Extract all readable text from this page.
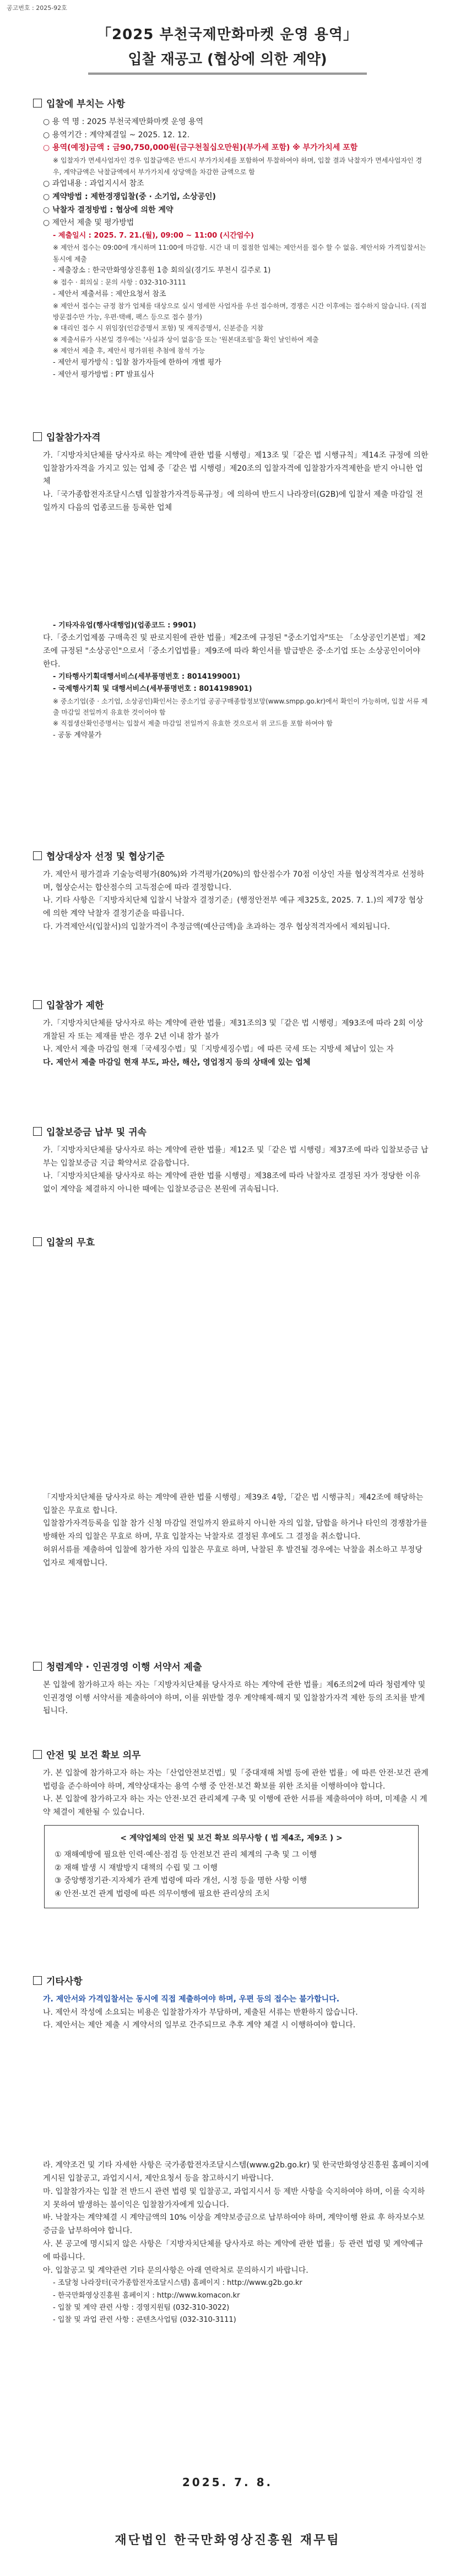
공고번호 : 2025-92호
「2025 부천국제만화마켓 운영 용역」
입찰 재공고 (협상에 의한 계약)
입찰에 부치는 사항
○ 용 역 명 : 2025 부천국제만화마켓 운영 용역
○ 용역기간 : 계약체결일 ~ 2025. 12. 12.
○ 용역(예정)금액 : 금90,750,000원(금구천칠십오만원)(부가세 포함) ※ 부가가치세 포함
※ 입찰자가 면세사업자인 경우 입찰금액은 반드시 부가가치세를 포함하여 투찰하여야 하며, 입찰 결과 낙찰자가 면세사업자인 경우, 계약금액은 낙찰금액에서 부가가치세 상당액을 차감한 금액으로 함
○ 과업내용 : 과업지시서 참조
○ 계약방법 : 제한경쟁입찰(중 · 소기업, 소상공인)
○ 낙찰자 결정방법 : 협상에 의한 계약
○ 제안서 제출 및 평가방법
- 제출일시 : 2025. 7. 21.(월), 09:00 ~ 11:00 (시간엄수)
※ 제안서 접수는 09:00에 개시하며 11:00에 마감함. 시간 내 미 접점한 업체는 제안서를 접수 할 수 없음. 제안서와 가격입찰서는 동시에 제출
- 제출장소 : 한국만화영상진흥원 1층 회의실(경기도 부천시 길주로 1)
※ 접수 · 회의실 : 문의 사항 : 032-310-3111
- 제안서 제출서류 : 제안요청서 참조
※ 제안서 접수는 규정 참가 업체를 대상으로 실시 영세한 사업자를 우선 접수하며, 경쟁은 시간 이후에는 접수하지 않습니다. (직접 방문접수만 가능, 우편·택배, 팩스 등으로 접수 불가)
※ 대리인 접수 시 위임장(인감증명서 포함) 및 재직증명서, 신분증을 지참
※ 제출서류가 사본일 경우에는 '사실과 상이 없음'을 또는 '원본대조필'을 확인 날인하여 제출
※ 제안서 제출 후, 제안서 평가위원 추첨에 참석 가능
- 제안서 평가방식 : 입찰 참가자들에 한하여 개별 평가
- 제안서 평가방법 : PT 발표심사
입찰참가자격
가.「지방자치단체를 당사자로 하는 계약에 관한 법률 시행령」제13조 및「같은 법 시행규칙」제14조 규정에 의한 입찰참가자격을 가지고 있는 업체 중「같은 법 시행령」제20조의 입찰자격에 입찰참가자격제한을 받지 아니한 업체
나.「국가종합전자조달시스템 입찰참가자격등록규정」에 의하여 반드시 나라장터(G2B)에 입찰서 제출 마감일 전일까지 다음의 업종코드를 등록한 업체
- 기타자유업(행사대행업)(업종코드 : 9901)
다.「중소기업제품 구매촉진 및 판로지원에 관한 법률」제2조에 규정된 "중소기업자"또는 「소상공인기본법」제2조에 규정된 "소상공인"으로서「중소기업법률」제9조에 따라 확인서를 발급받은 중·소기업 또는 소상공인이어야 한다.
- 기타행사기획대행서비스(세부품명번호 : 8014199001)
- 국제행사기획 및 대행서비스(세부품명번호 : 8014198901)
※ 중소기업(중 · 소기업, 소상공인)확인서는 중소기업 공공구매종합정보망(www.smpp.go.kr)에서 확인이 가능하며, 입찰 서류 제출 마감일 전일까지 유효한 것이어야 함
※ 직접생산확인증명서는 입찰서 제출 마감일 전일까지 유효한 것으로서 위 코드를 포함 하여야 함
- 공동 계약불가
협상대상자 선정 및 협상기준
가. 제안서 평가결과 기술능력평가(80%)와 가격평가(20%)의 합산점수가 70점 이상인 자를 협상적격자로 선정하며, 협상순서는 합산점수의 고득점순에 따라 결정합니다.
나. 기타 사항은「지방자치단체 입찰시 낙찰자 결정기준」(행정안전부 예규 제325호, 2025. 7. 1.)의 제7장 협상에 의한 계약 낙찰자 결정기준을 따릅니다.
다. 가격제안서(입찰서)의 입찰가격이 추정금액(예산금액)을 초과하는 경우 협상적격자에서 제외됩니다.
입찰참가 제한
가.「지방자치단체를 당사자로 하는 계약에 관한 법률」제31조의3 및「같은 법 시행령」제93조에 따라 2회 이상 개찰된 자 또는 제재를 받은 경우 2년 이내 참가 불가
나. 제안서 제출 마감일 현재「국세징수법」및「지방세징수법」에 따른 국세 또는 지방세 체납이 있는 자
다. 제안서 제출 마감일 현재 부도, 파산, 해산, 영업정지 등의 상태에 있는 업체
입찰보증금 납부 및 귀속
가.「지방자치단체를 당사자로 하는 계약에 관한 법률」제12조 및「같은 법 시행령」제37조에 따라 입찰보증금 납부는 입찰보증금 지급 확약서로 갈음합니다.
나.「지방자치단체를 당사자로 하는 계약에 관한 법률 시행령」제38조에 따라 낙찰자로 결정된 자가 정당한 이유 없이 계약을 체결하지 아니한 때에는 입찰보증금은 본원에 귀속됩니다.
입찰의 무효
「지방자치단체를 당사자로 하는 계약에 관한 법률 시행령」제39조 4항,「같은 법 시행규칙」제42조에 해당하는 입찰은 무효로 합니다.
입찰참가자격등록을 입찰 참가 신청 마감일 전일까지 완료하지 아니한 자의 입찰, 담합을 하거나 타인의 경쟁참가를 방해한 자의 입찰은 무효로 하며, 무효 입찰자는 낙찰자로 결정된 후에도 그 결정을 취소합니다.
허위서류를 제출하여 입찰에 참가한 자의 입찰은 무효로 하며, 낙찰된 후 발견될 경우에는 낙찰을 취소하고 부정당업자로 제재합니다.
청렴계약 · 인권경영 이행 서약서 제출
본 입찰에 참가하고자 하는 자는「지방자치단체를 당사자로 하는 계약에 관한 법률」제6조의2에 따라 청렴계약 및 인권경영 이행 서약서를 제출하여야 하며, 이를 위반할 경우 계약해제·해지 및 입찰참가자격 제한 등의 조치를 받게 됩니다.
안전 및 보건 확보 의무
가. 본 입찰에 참가하고자 하는 자는「산업안전보건법」및「중대재해 처벌 등에 관한 법률」에 따른 안전·보건 관계 법령을 준수하여야 하며, 계약상대자는 용역 수행 중 안전·보건 확보를 위한 조치를 이행하여야 합니다.
나. 본 입찰에 참가하고자 하는 자는 안전·보건 관리체계 구축 및 이행에 관한 서류를 제출하여야 하며, 미제출 시 계약 체결이 제한될 수 있습니다.
< 계약업체의 안전 및 보건 확보 의무사항 ( 법 제4조, 제9조 ) >
① 재해예방에 필요한 인력·예산·점검 등 안전보건 관리 체계의 구축 및 그 이행
② 재해 발생 시 재발방지 대책의 수립 및 그 이행
③ 중앙행정기관·지자체가 관계 법령에 따라 개선, 시정 등을 명한 사항 이행
④ 안전·보건 관계 법령에 따른 의무이행에 필요한 관리상의 조치
기타사항
가. 제안서와 가격입찰서는 동시에 직접 제출하여야 하며, 우편 등의 접수는 불가합니다.
나. 제안서 작성에 소요되는 비용은 입찰참가자가 부담하며, 제출된 서류는 반환하지 않습니다.
다. 제안서는 제안 제출 시 계약서의 일부로 간주되므로 추후 계약 체결 시 이행하여야 합니다.
라. 계약조건 및 기타 자세한 사항은 국가종합전자조달시스템(www.g2b.go.kr) 및 한국만화영상진흥원 홈페이지에 게시된 입찰공고, 과업지시서, 제안요청서 등을 참고하시기 바랍니다.
마. 입찰참가자는 입찰 전 반드시 관련 법령 및 입찰공고, 과업지시서 등 제반 사항을 숙지하여야 하며, 이를 숙지하지 못하여 발생하는 불이익은 입찰참가자에게 있습니다.
바. 낙찰자는 계약체결 시 계약금액의 10% 이상을 계약보증금으로 납부하여야 하며, 계약이행 완료 후 하자보수보증금을 납부하여야 합니다.
사. 본 공고에 명시되지 않은 사항은「지방자치단체를 당사자로 하는 계약에 관한 법률」등 관련 법령 및 계약예규에 따릅니다.
아. 입찰공고 및 계약관련 기타 문의사항은 아래 연락처로 문의하시기 바랍니다.
- 조달청 나라장터(국가종합전자조달시스템) 홈페이지 : http://www.g2b.go.kr
- 한국만화영상진흥원 홈페이지 : http://www.komacon.kr
- 입찰 및 계약 관련 사항 : 경영지원팀 (032-310-3022)
- 입찰 및 과업 관련 사항 : 콘텐츠사업팀 (032-310-3111)
2025. 7. 8.
재단법인 한국만화영상진흥원 재무팀
